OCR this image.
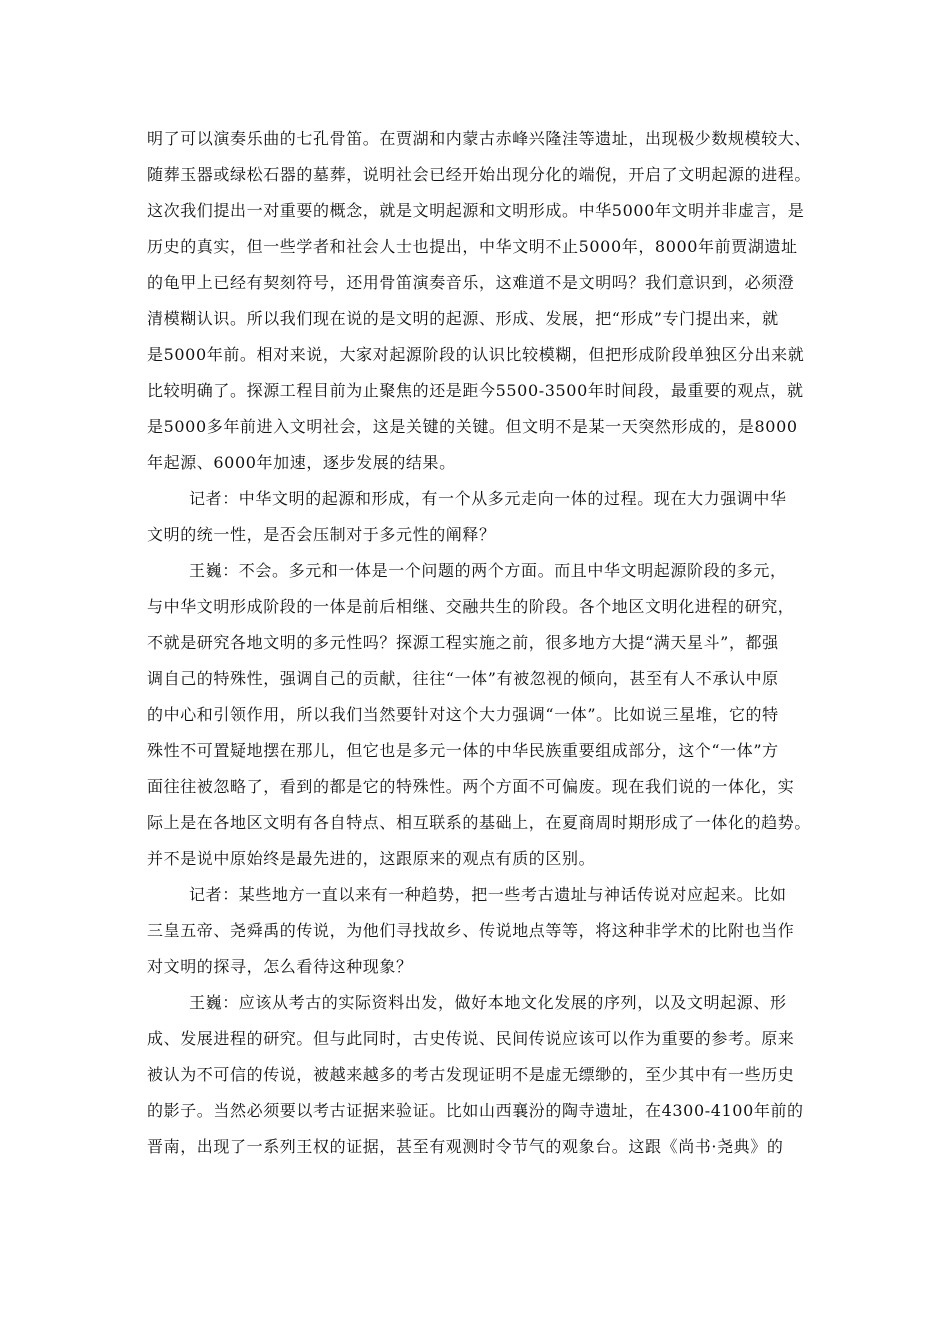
明了可以演奏乐曲的七孔骨笛。在贾湖和内蒙古赤峰兴隆洼等遗址，出现极少数规模较大、

随葬玉器或绿松石器的墓葬，说明社会已经开始出现分化的端倪，开启了文明起源的进程。

这次我们提出一对重要的概念，就是文明起源和文明形成。中华5000年文明并非虚言，是

历史的真实，但一些学者和社会人士也提出，中华文明不止5000年，8000年前贾湖遗址

的龟甲上已经有契刻符号，还用骨笛演奏音乐，这难道不是文明吗？我们意识到，必须澄

清模糊认识。所以我们现在说的是文明的起源、形成、发展，把“形成”专门提出来，就

是5000年前。相对来说，大家对起源阶段的认识比较模糊，但把形成阶段单独区分出来就

比较明确了。探源工程目前为止聚焦的还是距今5500-3500年时间段，最重要的观点，就

是5000多年前进入文明社会，这是关键的关键。但文明不是某一天突然形成的，是8000

年起源、6000年加速，逐步发展的结果。

记者：中华文明的起源和形成，有一个从多元走向一体的过程。现在大力强调中华

文明的统一性，是否会压制对于多元性的阐释？

王巍：不会。多元和一体是一个问题的两个方面。而且中华文明起源阶段的多元，

与中华文明形成阶段的一体是前后相继、交融共生的阶段。各个地区文明化进程的研究，

不就是研究各地文明的多元性吗？探源工程实施之前，很多地方大提“满天星斗”，都强

调自己的特殊性，强调自己的贡献，往往“一体”有被忽视的倾向，甚至有人不承认中原

的中心和引领作用，所以我们当然要针对这个大力强调“一体”。比如说三星堆，它的特

殊性不可置疑地摆在那儿，但它也是多元一体的中华民族重要组成部分，这个“一体”方

面往往被忽略了，看到的都是它的特殊性。两个方面不可偏废。现在我们说的一体化，实

际上是在各地区文明有各自特点、相互联系的基础上，在夏商周时期形成了一体化的趋势。

并不是说中原始终是最先进的，这跟原来的观点有质的区别。

记者：某些地方一直以来有一种趋势，把一些考古遗址与神话传说对应起来。比如

三皇五帝、尧舜禹的传说，为他们寻找故乡、传说地点等等，将这种非学术的比附也当作

对文明的探寻，怎么看待这种现象？

王巍：应该从考古的实际资料出发，做好本地文化发展的序列，以及文明起源、形

成、发展进程的研究。但与此同时，古史传说、民间传说应该可以作为重要的参考。原来

被认为不可信的传说，被越来越多的考古发现证明不是虚无缥缈的，至少其中有一些历史

的影子。当然必须要以考古证据来验证。比如山西襄汾的陶寺遗址，在4300-4100年前的

晋南，出现了一系列王权的证据，甚至有观测时令节气的观象台。这跟《尚书·尧典》的
